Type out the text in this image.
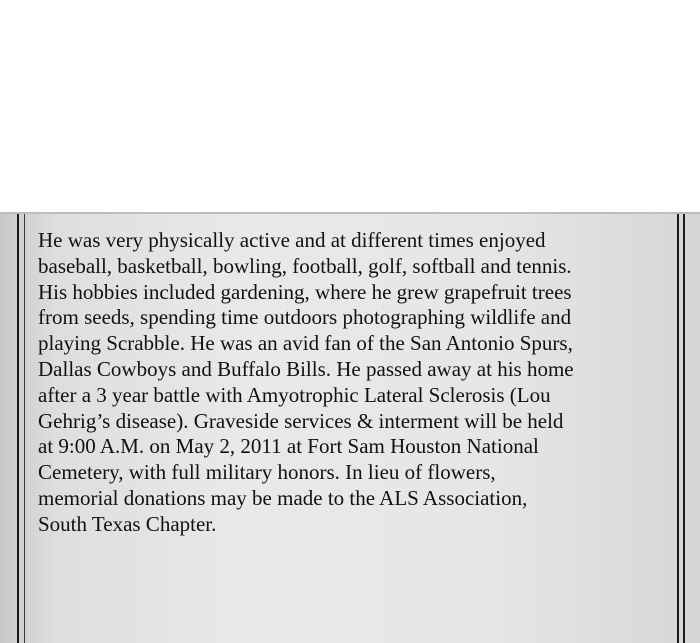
He was very physically active and at different times enjoyed
baseball, basketball, bowling, football, golf, softball and tennis.
His hobbies included gardening, where he grew grapefruit trees
from seeds, spending time outdoors photographing wildlife and
playing Scrabble. He was an avid fan of the San Antonio Spurs,
Dallas Cowboys and Buffalo Bills. He passed away at his home
after a 3 year battle with Amyotrophic Lateral Sclerosis (Lou
Gehrig’s disease). Graveside services & interment will be held
at 9:00 A.M. on May 2, 2011 at Fort Sam Houston National
Cemetery, with full military honors. In lieu of flowers,
memorial donations may be made to the ALS Association,
South Texas Chapter.
